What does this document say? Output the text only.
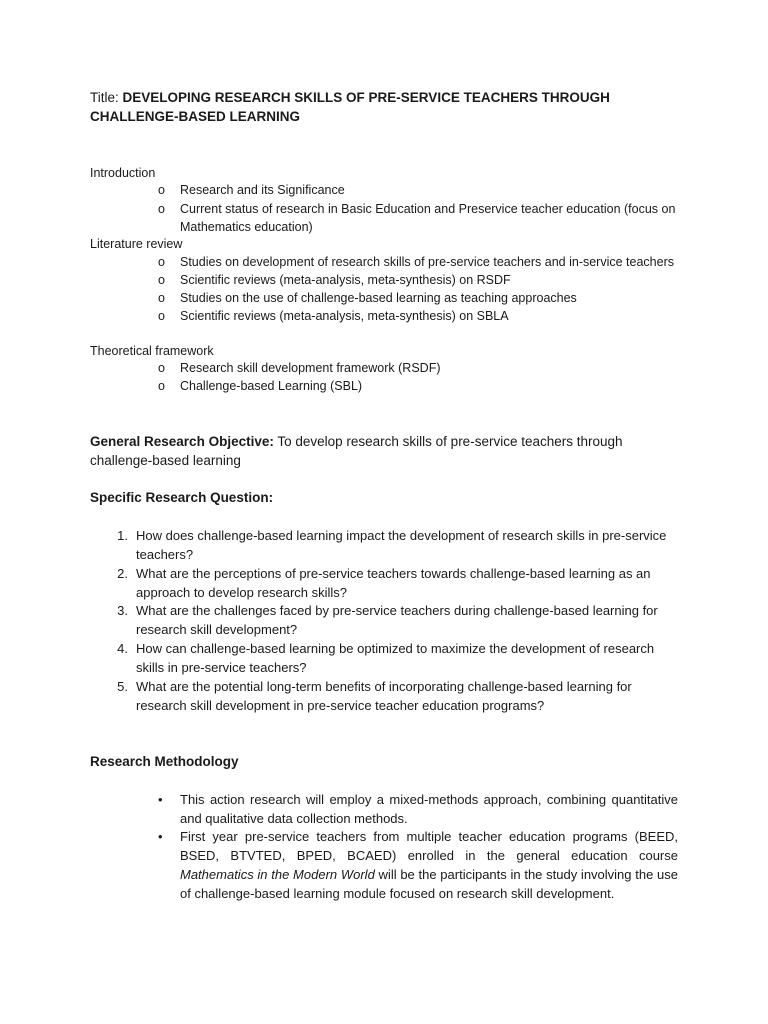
Title: DEVELOPING RESEARCH SKILLS OF PRE-SERVICE TEACHERS THROUGH CHALLENGE-BASED LEARNING
Introduction
o Research and its Significance
o Current status of research in Basic Education and Preservice teacher education (focus on Mathematics education)
Literature review
o Studies on development of research skills of pre-service teachers and in-service teachers
o Scientific reviews (meta-analysis, meta-synthesis) on RSDF
o Studies on the use of challenge-based learning as teaching approaches
o Scientific reviews (meta-analysis, meta-synthesis) on SBLA
Theoretical framework
o Research skill development framework (RSDF)
o Challenge-based Learning (SBL)
General Research Objective: To develop research skills of pre-service teachers through challenge-based learning
Specific Research Question:
1. How does challenge-based learning impact the development of research skills in pre-service teachers?
2. What are the perceptions of pre-service teachers towards challenge-based learning as an approach to develop research skills?
3. What are the challenges faced by pre-service teachers during challenge-based learning for research skill development?
4. How can challenge-based learning be optimized to maximize the development of research skills in pre-service teachers?
5. What are the potential long-term benefits of incorporating challenge-based learning for research skill development in pre-service teacher education programs?
Research Methodology
• This action research will employ a mixed-methods approach, combining quantitative and qualitative data collection methods.
• First year pre-service teachers from multiple teacher education programs (BEED, BSED, BTVTED, BPED, BCAED) enrolled in the general education course Mathematics in the Modern World will be the participants in the study involving the use of challenge-based learning module focused on research skill development.
